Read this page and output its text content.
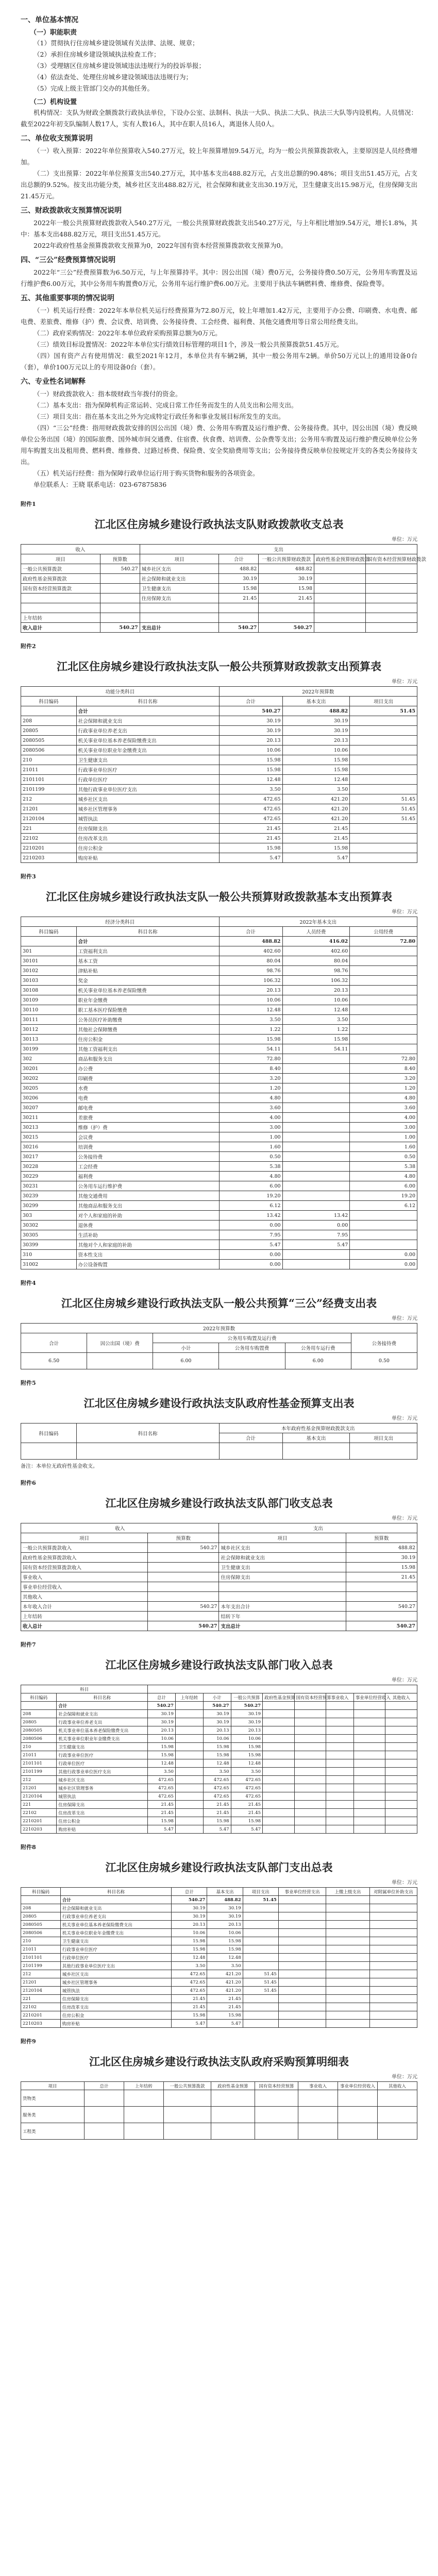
一、单位基本情况
（一）职能职责
（1）贯彻执行住房城乡建设领域有关法律、法规、规章；
（2）承担住房城乡建设领域执法检查工作；
（3）受理辖区住房城乡建设领域违法违规行为的投诉举报；
（4）依法查处、处理住房城乡建设领域违法违规行为；
（5）完成上级主管部门交办的其他任务。
（二）机构设置
机构情况：支队为财政全额拨款行政执法单位，下设办公室、法制科、执法一大队、执法二大队、执法三大队等内设机构。人员情况：截至2022年初支队编制人数17人，实有人数16人，其中在职人员16人，离退休人员0人。
二、单位收支预算说明
（一）收入预算：2022年单位预算收入540.27万元，较上年预算增加9.54万元，均为一般公共预算拨款收入，主要原因是人员经费增加。
（二）支出预算：2022年单位预算支出540.27万元，其中基本支出488.82万元，占支出总额的90.48%；项目支出51.45万元，占支出总额的9.52%。按支出功能分类，城乡社区支出488.82万元，社会保障和就业支出30.19万元，卫生健康支出15.98万元，住房保障支出21.45万元。
三、财政拨款收支预算情况说明
2022年一般公共预算财政拨款收入540.27万元，一般公共预算财政拨款支出540.27万元，与上年相比增加9.54万元，增长1.8%，其中：基本支出488.82万元，项目支出51.45万元。
2022年政府性基金预算拨款收支预算为0，2022年国有资本经营预算拨款收支预算为0。
四、“三公”经费预算情况说明
2022年“三公”经费预算数为6.50万元，与上年预算持平。其中：因公出国（境）费0万元，公务接待费0.50万元，公务用车购置及运行维护费6.00万元，其中公务用车购置费0万元，公务用车运行维护费6.00万元。主要用于执法车辆燃料费、维修费、保险费等。
五、其他重要事项的情况说明
（一）机关运行经费：2022年本单位机关运行经费预算为72.80万元，较上年增加1.42万元，主要用于办公费、印刷费、水电费、邮电费、差旅费、维修（护）费、会议费、培训费、公务接待费、工会经费、福利费、其他交通费用等日常公用经费支出。
（二）政府采购情况：2022年本单位政府采购预算总额为0万元。
（三）绩效目标设置情况：2022年本单位实行绩效目标管理的项目1个，涉及一般公共预算拨款51.45万元。
（四）国有资产占有使用情况：截至2021年12月，本单位共有车辆2辆，其中一般公务用车2辆。单价50万元以上的通用设备0台（套），单价100万元以上的专用设备0台（套）。
六、专业性名词解释
（一）财政拨款收入：指本级财政当年拨付的资金。
（二）基本支出：指为保障机构正常运转、完成日常工作任务而发生的人员支出和公用支出。
（三）项目支出：指在基本支出之外为完成特定行政任务和事业发展目标所发生的支出。
（四）“三公”经费：指用财政拨款安排的因公出国（境）费、公务用车购置及运行维护费、公务接待费。其中，因公出国（境）费反映单位公务出国（境）的国际旅费、国外城市间交通费、住宿费、伙食费、培训费、公杂费等支出；公务用车购置及运行维护费反映单位公务用车购置支出及租用费、燃料费、维修费、过路过桥费、保险费、安全奖励费用等支出；公务接待费反映单位按规定开支的各类公务接待支出。
（五）机关运行经费：指为保障行政单位运行用于购买货物和服务的各项资金。
单位联系人：王晓 联系电话：023-67875836
附件1
江北区住房城乡建设行政执法支队财政拨款收支总表
单位：万元
收入		支出				
项目	预算数	项目	合计	一般公共预算财政拨款	政府性基金预算财政拨款	国有资本经营预算财政拨款
一般公共预算拨款	540.27	城乡社区支出	488.82	488.82		
政府性基金预算拨款		社会保障和就业支出	30.19	30.19		
国有资本经营预算拨款		卫生健康支出	15.98	15.98		
		住房保障支出	21.45	21.45		

上年结转						
收入总计	540.27	支出总计	540.27	540.27		
附件2
江北区住房城乡建设行政执法支队一般公共预算财政拨款支出预算表
单位：万元
功能分类科目		2022年预算数		
科目编码	科目名称	合计	基本支出	项目支出
	合计	540.27	488.82	51.45
208	社会保障和就业支出	30.19	30.19	
20805	行政事业单位养老支出	30.19	30.19	
2080505	机关事业单位基本养老保险缴费支出	20.13	20.13	
2080506	机关事业单位职业年金缴费支出	10.06	10.06	
210	卫生健康支出	15.98	15.98	
21011	行政事业单位医疗	15.98	15.98	
2101101	行政单位医疗	12.48	12.48	
2101199	其他行政事业单位医疗支出	3.50	3.50	
212	城乡社区支出	472.65	421.20	51.45
21201	城乡社区管理事务	472.65	421.20	51.45
2120104	城管执法	472.65	421.20	51.45
221	住房保障支出	21.45	21.45	
22102	住房改革支出	21.45	21.45	
2210201	住房公积金	15.98	15.98	
2210203	购房补贴	5.47	5.47	
附件3
江北区住房城乡建设行政执法支队一般公共预算财政拨款基本支出预算表
单位：万元
经济分类科目		2022年基本支出		
科目编码	科目名称	合计	人员经费	公用经费
	合计	488.82	416.02	72.80
301	工资福利支出	402.60	402.60	
30101	基本工资	80.04	80.04	
30102	津贴补贴	98.76	98.76	
30103	奖金	106.32	106.32	
30108	机关事业单位基本养老保险缴费	20.13	20.13	
30109	职业年金缴费	10.06	10.06	
30110	职工基本医疗保险缴费	12.48	12.48	
30111	公务员医疗补助缴费	3.50	3.50	
30112	其他社会保障缴费	1.22	1.22	
30113	住房公积金	15.98	15.98	
30199	其他工资福利支出	54.11	54.11	
302	商品和服务支出	72.80		72.80
30201	办公费	8.40		8.40
30202	印刷费	3.20		3.20
30205	水费	1.20		1.20
30206	电费	4.80		4.80
30207	邮电费	3.60		3.60
30211	差旅费	4.00		4.00
30213	维修（护）费	3.00		3.00
30215	会议费	1.00		1.00
30216	培训费	1.60		1.60
30217	公务接待费	0.50		0.50
30228	工会经费	5.38		5.38
30229	福利费	4.80		4.80
30231	公务用车运行维护费	6.00		6.00
30239	其他交通费用	19.20		19.20
30299	其他商品和服务支出	6.12		6.12
303	对个人和家庭的补助	13.42	13.42	
30302	退休费	0.00	0.00	
30305	生活补助	7.95	7.95	
30399	其他对个人和家庭的补助	5.47	5.47	
310	资本性支出	0.00		0.00
31002	办公设备购置	0.00		0.00
附件4
江北区住房城乡建设行政执法支队一般公共预算“三公”经费支出表
单位：万元
2022年预算数					
合计	因公出国（境）费	公务用车购置及运行费			公务接待费
		小计	公务用车购置费	公务用车运行费	
6.50		6.00		6.00	0.50
附件5
江北区住房城乡建设行政执法支队政府性基金预算支出表
单位：万元
科目编码	科目名称	本年政府性基金预算财政拨款支出		
		合计	基本支出	项目支出

备注：本单位无政府性基金收支。
附件6
江北区住房城乡建设行政执法支队部门收支总表
单位：万元
收入		支出	
项目	预算数	项目	预算数
一般公共预算拨款收入	540.27	城乡社区支出	488.82
政府性基金预算拨款收入		社会保障和就业支出	30.19
国有资本经营预算拨款收入		卫生健康支出	15.98
事业收入		住房保障支出	21.45
事业单位经营收入			
其他收入			
本年收入合计	540.27	本年支出合计	540.27
上年结转		结转下年	
收入总计	540.27	支出总计	540.27
附件7
江北区住房城乡建设行政执法支队部门收入总表
单位：万元
科目										
科目编码	科目名称	总计	上年结转	小计	一般公共预算	政府性基金预算	国有资本经营预算	事业收入	事业单位经营收入	其他收入
	合计	540.27		540.27	540.27					
208	社会保障和就业支出	30.19		30.19	30.19					
20805	行政事业单位养老支出	30.19		30.19	30.19					
2080505	机关事业单位基本养老保险缴费支出	20.13		20.13	20.13					
2080506	机关事业单位职业年金缴费支出	10.06		10.06	10.06					
210	卫生健康支出	15.98		15.98	15.98					
21011	行政事业单位医疗	15.98		15.98	15.98					
2101101	行政单位医疗	12.48		12.48	12.48					
2101199	其他行政事业单位医疗支出	3.50		3.50	3.50					
212	城乡社区支出	472.65		472.65	472.65					
21201	城乡社区管理事务	472.65		472.65	472.65					
2120104	城管执法	472.65		472.65	472.65					
221	住房保障支出	21.45		21.45	21.45					
22102	住房改革支出	21.45		21.45	21.45					
2210201	住房公积金	15.98		15.98	15.98					
2210203	购房补贴	5.47		5.47	5.47					
附件8
江北区住房城乡建设行政执法支队部门支出总表
单位：万元
科目编码	科目名称	总计	基本支出	项目支出	事业单位经营支出	上缴上级支出	对附属单位补助支出
	合计	540.27	488.82	51.45			
208	社会保障和就业支出	30.19	30.19				
20805	行政事业单位养老支出	30.19	30.19				
2080505	机关事业单位基本养老保险缴费支出	20.13	20.13				
2080506	机关事业单位职业年金缴费支出	10.06	10.06				
210	卫生健康支出	15.98	15.98				
21011	行政事业单位医疗	15.98	15.98				
2101101	行政单位医疗	12.48	12.48				
2101199	其他行政事业单位医疗支出	3.50	3.50				
212	城乡社区支出	472.65	421.20	51.45			
21201	城乡社区管理事务	472.65	421.20	51.45			
2120104	城管执法	472.65	421.20	51.45			
221	住房保障支出	21.45	21.45				
22102	住房改革支出	21.45	21.45				
2210201	住房公积金	15.98	15.98				
2210203	购房补贴	5.47	5.47				
附件9
江北区住房城乡建设行政执法支队政府采购预算明细表
单位：万元
项目	总计	上年结转	一般公共预算拨款	政府性基金预算	国有资本经营预算	事业收入	事业单位经营收入	其他收入
货物类								
服务类								
工程类								
